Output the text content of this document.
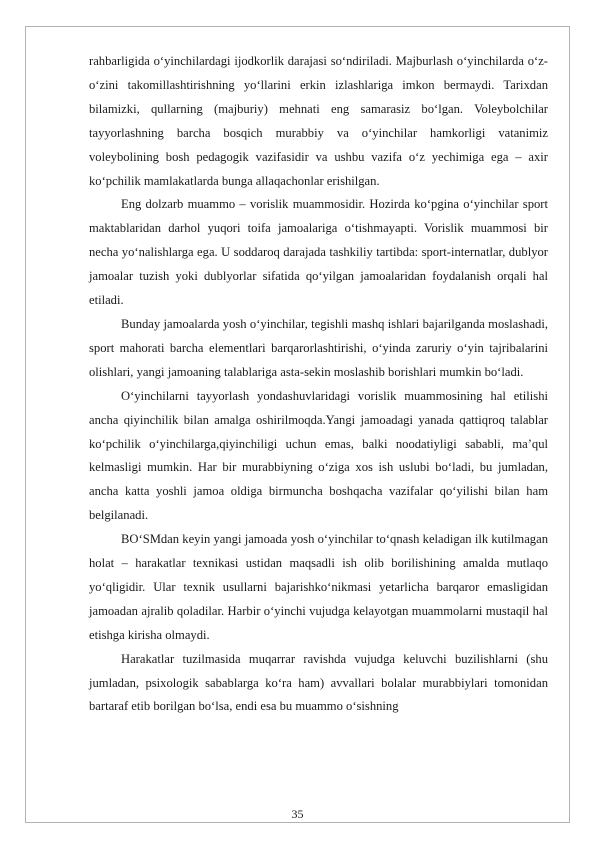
rahbarligida o‘yinchilardagi ijodkorlik darajasi so‘ndiriladi. Majburlash o‘yinchilarda o‘z-o‘zini takomillashtirishning yo‘llarini erkin izlashlariga imkon bermaydi. Tarixdan bilamizki, qullarning (majburiy) mehnati eng samarasiz bo‘lgan. Voleybolchilar tayyorlashning barcha bosqich murabbiy va o‘yinchilar hamkorligi vatanimiz voleybolining bosh pedagogik vazifasidir va ushbu vazifa o‘z yechimiga ega – axir ko‘pchilik mamlakatlarda bunga allaqachonlar erishilgan.

Eng dolzarb muammo – vorislik muammosidir. Hozirda ko‘pgina o‘yinchilar sport maktablaridan darhol yuqori toifa jamoalariga o‘tishmayapti. Vorislik muammosi bir necha yo‘nalishlarga ega. U soddaroq darajada tashkiliy tartibda: sport-internatlar, dublyor jamoalar tuzish yoki dublyorlar sifatida qo‘yilgan jamoalaridan foydalanish orqali hal etiladi.

Bunday jamoalarda yosh o‘yinchilar, tegishli mashq ishlari bajarilganda moslashadi, sport mahorati barcha elementlari barqarorlashtirishi, o‘yinda zaruriy o‘yin tajribalarini olishlari, yangi jamoaning talablariga asta-sekin moslashib borishlari mumkin bo‘ladi.

O‘yinchilarni tayyorlash yondashuvlaridagi vorislik muammosining hal etilishi ancha qiyinchilik bilan amalga oshirilmoqda.Yangi jamoadagi yanada qattiqroq talablar ko‘pchilik o‘yinchilarga,qiyinchiligi uchun emas, balki noodatiyligi sababli, ma’qul kelmasligi mumkin. Har bir murabbiyning o‘ziga xos ish uslubi bo‘ladi, bu jumladan, ancha katta yoshli jamoa oldiga birmuncha boshqacha vazifalar qo‘yilishi bilan ham belgilanadi.

BO‘SMdan keyin yangi jamoada yosh o‘yinchilar to‘qnash keladigan ilk kutilmagan holat – harakatlar texnikasi ustidan maqsadli ish olib borilishining amalda mutlaqo yo‘qligidir. Ular texnik usullarni bajarishko‘nikmasi yetarlicha barqaror emasligidan jamoadan ajralib qoladilar. Harbir o‘yinchi vujudga kelayotgan muammolarni mustaqil hal etishga kirisha olmaydi.

Harakatlar tuzilmasida muqarrar ravishda vujudga keluvchi buzilishlarni (shu jumladan, psixologik sabablarga ko‘ra ham) avvallari bolalar murabbiylari tomonidan bartaraf etib borilgan bo‘lsa, endi esa bu muammo o‘sishning

35
